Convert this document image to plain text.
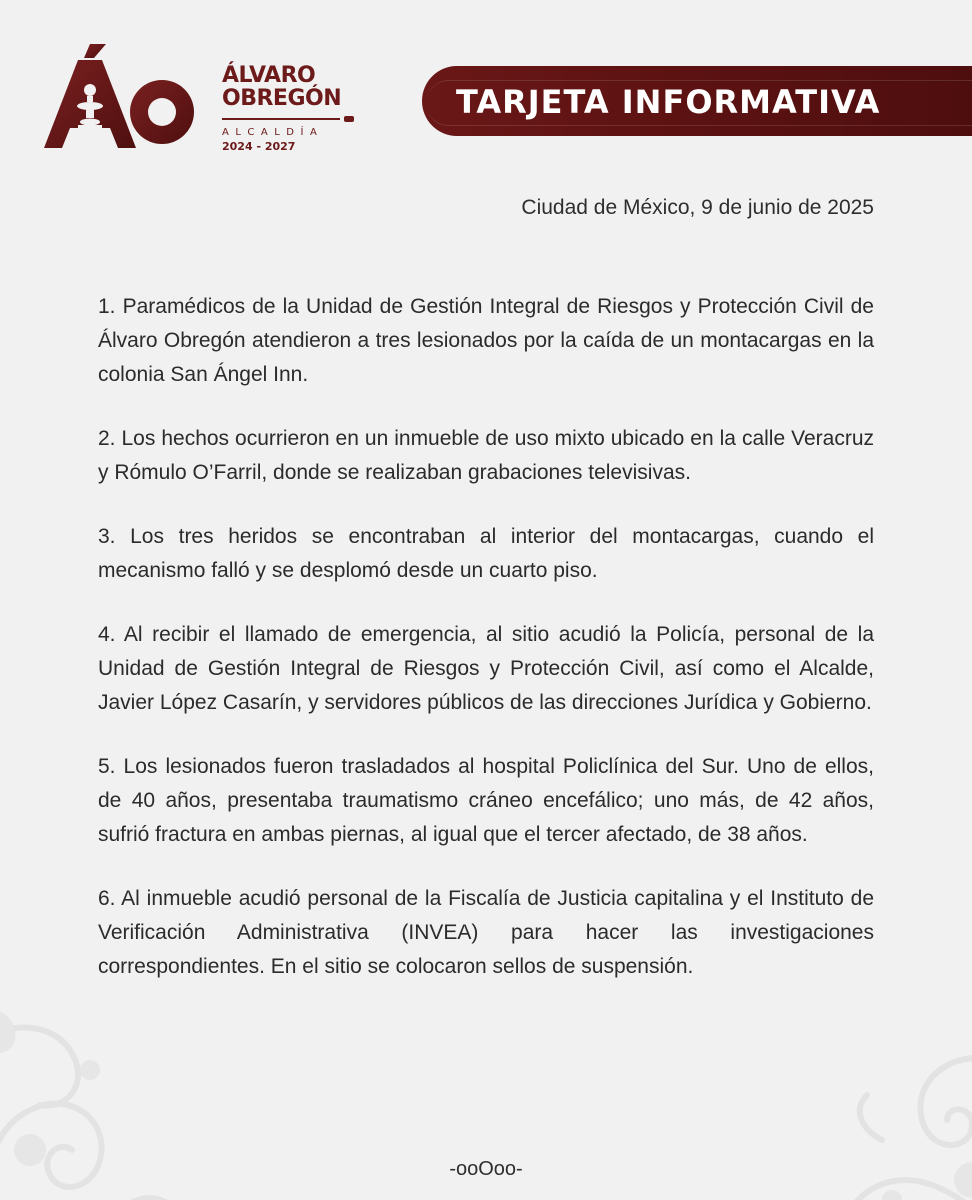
ÁLVARO
OBREGÓN
ALCALDÍA
2024 - 2027
TARJETA INFORMATIVA
Ciudad de México, 9 de junio de 2025

1. Paramédicos de la Unidad de Gestión Integral de Riesgos y Protección Civil de Álvaro Obregón atendieron a tres lesionados por la caída de un montacargas en la colonia San Ángel Inn.

2. Los hechos ocurrieron en un inmueble de uso mixto ubicado en la calle Veracruz y Rómulo O’Farril, donde se realizaban grabaciones televisivas.

3. Los tres heridos se encontraban al interior del montacargas, cuando el mecanismo falló y se desplomó desde un cuarto piso.

4. Al recibir el llamado de emergencia, al sitio acudió la Policía, personal de la Unidad de Gestión Integral de Riesgos y Protección Civil, así como el Alcalde, Javier López Casarín, y servidores públicos de las direcciones Jurídica y Gobierno.

5. Los lesionados fueron trasladados al hospital Policlínica del Sur. Uno de ellos, de 40 años, presentaba traumatismo cráneo encefálico; uno más, de 42 años, sufrió fractura en ambas piernas, al igual que el tercer afectado, de 38 años.

6. Al inmueble acudió personal de la Fiscalía de Justicia capitalina y el Instituto de Verificación Administrativa (INVEA) para hacer las investigaciones correspondientes. En el sitio se colocaron sellos de suspensión.

-ooOoo-
